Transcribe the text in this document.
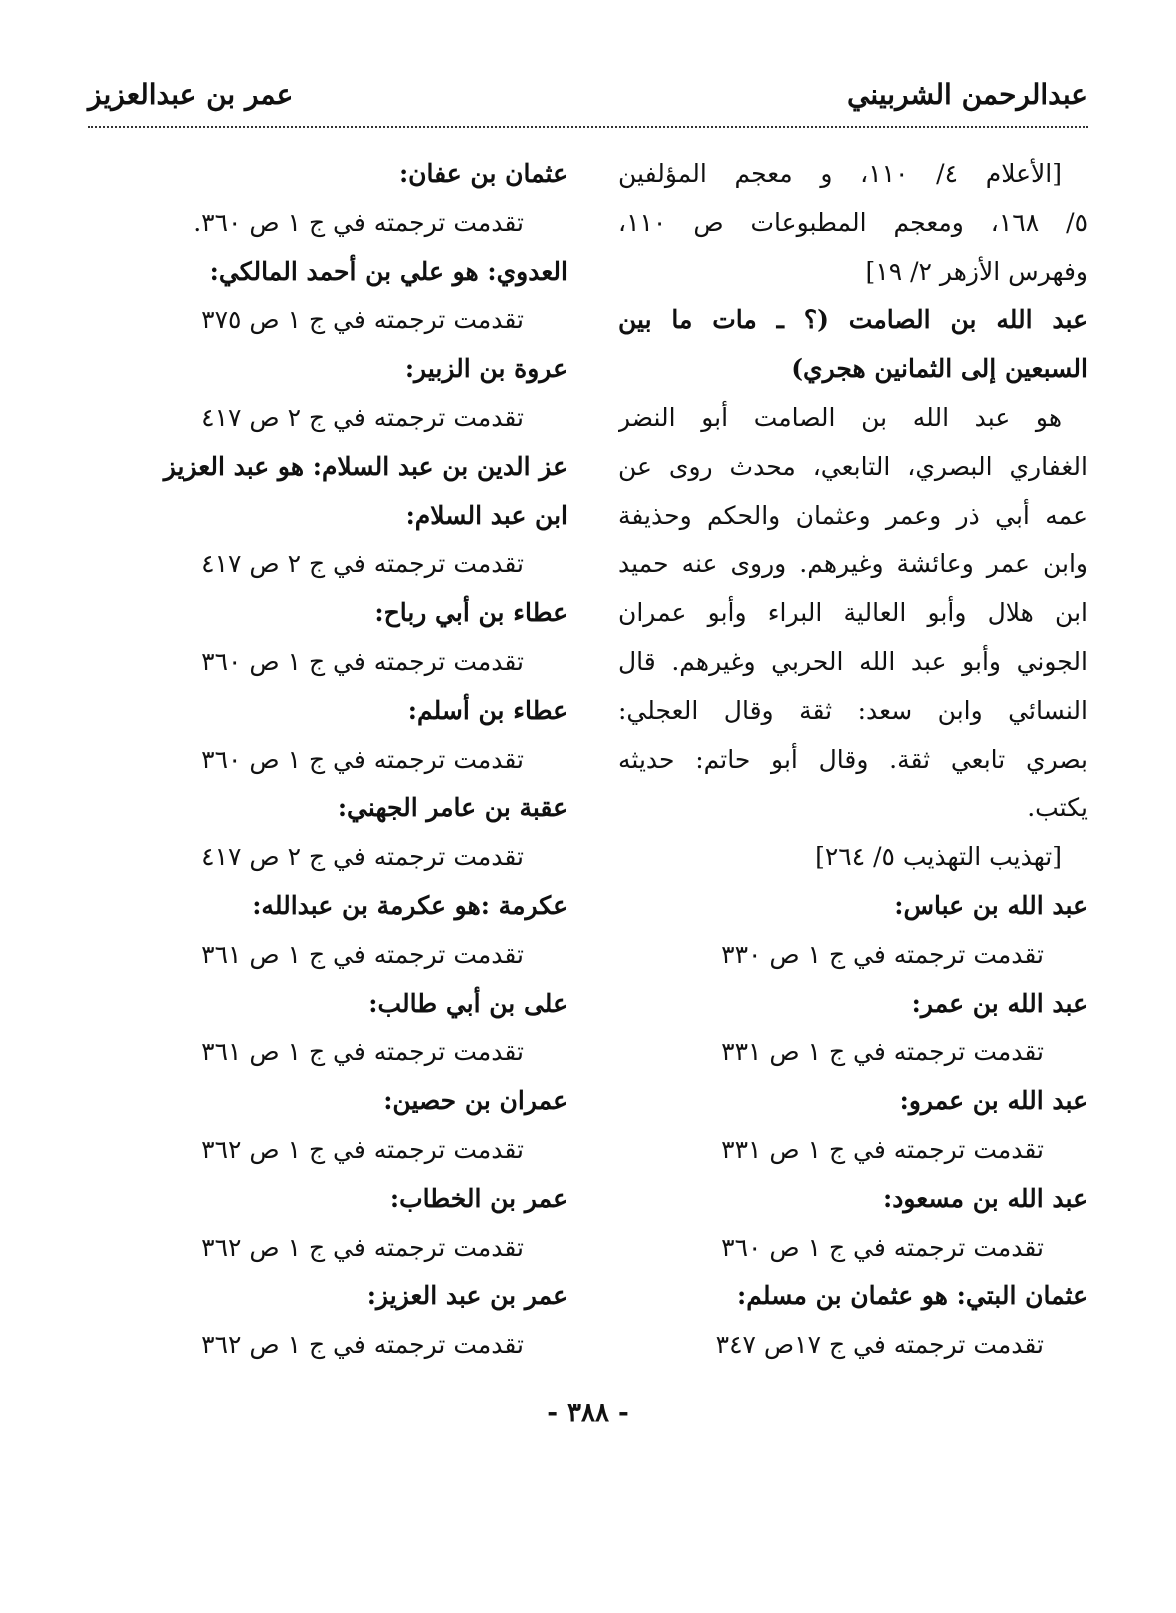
عبدالرحمن الشربيني
عمر بن عبدالعزيز
[الأعلام ٤/ ١١٠، و معجم المؤلفين
٥/ ١٦٨، ومعجم المطبوعات ص ١١٠،
وفهرس الأزهر ٢/ ١٩]
عبد الله بن الصامت (؟ ـ مات ما بين
السبعين إلى الثمانين هجري)
هو عبد الله بن الصامت أبو النضر
الغفاري البصري، التابعي، محدث روى عن
عمه أبي ذر وعمر وعثمان والحكم وحذيفة
وابن عمر وعائشة وغيرهم. وروى عنه حميد
ابن هلال وأبو العالية البراء وأبو عمران
الجوني وأبو عبد الله الحربي وغيرهم. قال
النسائي وابن سعد: ثقة وقال العجلي:
بصري تابعي ثقة. وقال أبو حاتم: حديثه
يكتب.
[تهذيب التهذيب ٥/ ٢٦٤]
عبد الله بن عباس:
تقدمت ترجمته في ج ١ ص ٣٣٠
عبد الله بن عمر:
تقدمت ترجمته في ج ١ ص ٣٣١
عبد الله بن عمرو:
تقدمت ترجمته في ج ١ ص ٣٣١
عبد الله بن مسعود:
تقدمت ترجمته في ج ١ ص ٣٦٠
عثمان البتي: هو عثمان بن مسلم:
تقدمت ترجمته في ج ١٧ص ٣٤٧
عثمان بن عفان:
تقدمت ترجمته في ج ١ ص ٣٦٠.
العدوي: هو علي بن أحمد المالكي:
تقدمت ترجمته في ج ١ ص ٣٧٥
عروة بن الزبير:
تقدمت ترجمته في ج ٢ ص ٤١٧
عز الدين بن عبد السلام: هو عبد العزيز
ابن عبد السلام:
تقدمت ترجمته في ج ٢ ص ٤١٧
عطاء بن أبي رباح:
تقدمت ترجمته في ج ١ ص ٣٦٠
عطاء بن أسلم:
تقدمت ترجمته في ج ١ ص ٣٦٠
عقبة بن عامر الجهني:
تقدمت ترجمته في ج ٢ ص ٤١٧
عكرمة :هو عكرمة بن عبدالله:
تقدمت ترجمته في ج ١ ص ٣٦١
على بن أبي طالب:
تقدمت ترجمته في ج ١ ص ٣٦١
عمران بن حصين:
تقدمت ترجمته في ج ١ ص ٣٦٢
عمر بن الخطاب:
تقدمت ترجمته في ج ١ ص ٣٦٢
عمر بن عبد العزيز:
تقدمت ترجمته في ج ١ ص ٣٦٢
- ٣٨٨ -
